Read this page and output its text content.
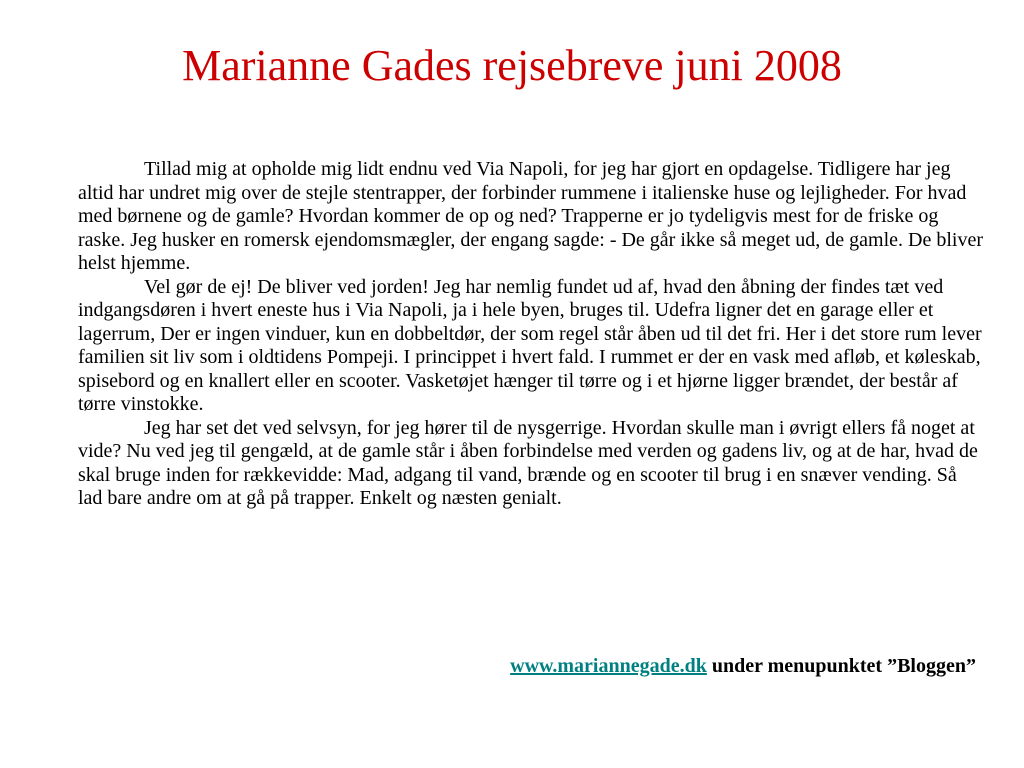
Marianne Gades rejsebreve juni 2008

Tillad mig at opholde mig lidt endnu ved Via Napoli, for jeg har gjort en opdagelse. Tidligere har jeg altid har undret mig over de stejle stentrapper, der forbinder rummene i italienske huse og lejligheder. For hvad med børnene og de gamle? Hvordan kommer de op og ned? Trapperne er jo tydeligvis mest for de friske og raske. Jeg husker en romersk ejendomsmægler, der engang sagde: - De går ikke så meget ud, de gamle. De bliver helst hjemme.

Vel gør de ej! De bliver ved jorden! Jeg har nemlig fundet ud af, hvad den åbning der findes tæt ved indgangsdøren i hvert eneste hus i Via Napoli, ja i hele byen, bruges til. Udefra ligner det en garage eller et lagerrum, Der er ingen vinduer, kun en dobbeltdør, der som regel står åben ud til det fri. Her i det store rum lever familien sit liv som i oldtidens Pompeji. I princippet i hvert fald. I rummet er der en vask med afløb, et køleskab, spisebord og en knallert eller en scooter. Vasketøjet hænger til tørre og i et hjørne ligger brændet, der består af tørre vinstokke.

Jeg har set det ved selvsyn, for jeg hører til de nysgerrige. Hvordan skulle man i øvrigt ellers få noget at vide? Nu ved jeg til gengæld, at de gamle står i åben forbindelse med verden og gadens liv, og at de har, hvad de skal bruge inden for rækkevidde: Mad, adgang til vand, brænde og en scooter til brug i en snæver vending. Så lad bare andre om at gå på trapper. Enkelt og næsten genialt.

www.mariannegade.dk under menupunktet ”Bloggen”
